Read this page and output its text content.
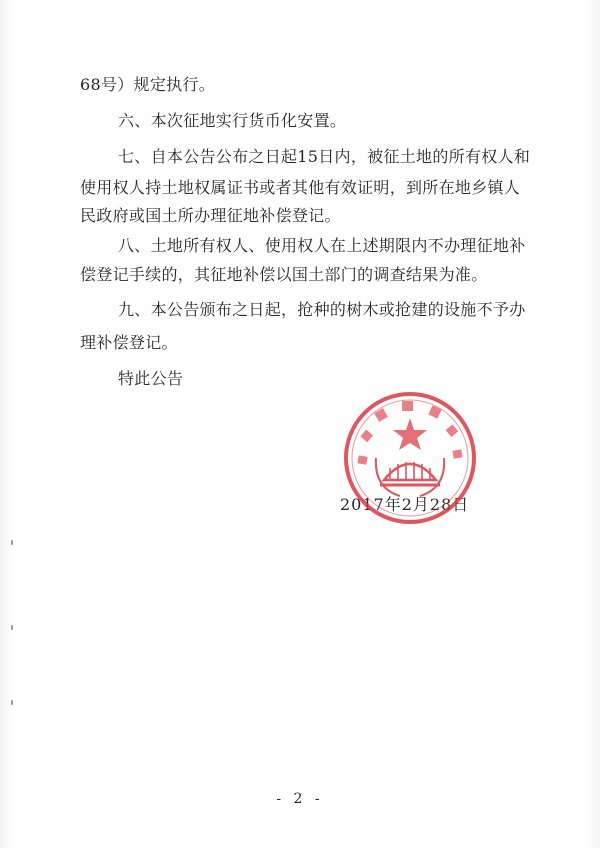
68号）规定执行。
六、本次征地实行货币化安置。
七、自本公告公布之日起15日内，被征土地的所有权人和
使用权人持土地权属证书或者其他有效证明，到所在地乡镇人
民政府或国土所办理征地补偿登记。
八、土地所有权人、使用权人在上述期限内不办理征地补
偿登记手续的，其征地补偿以国土部门的调查结果为准。
九、本公告颁布之日起，抢种的树木或抢建的设施不予办
理补偿登记。
特此公告
2017年2月28日
- 2 -
